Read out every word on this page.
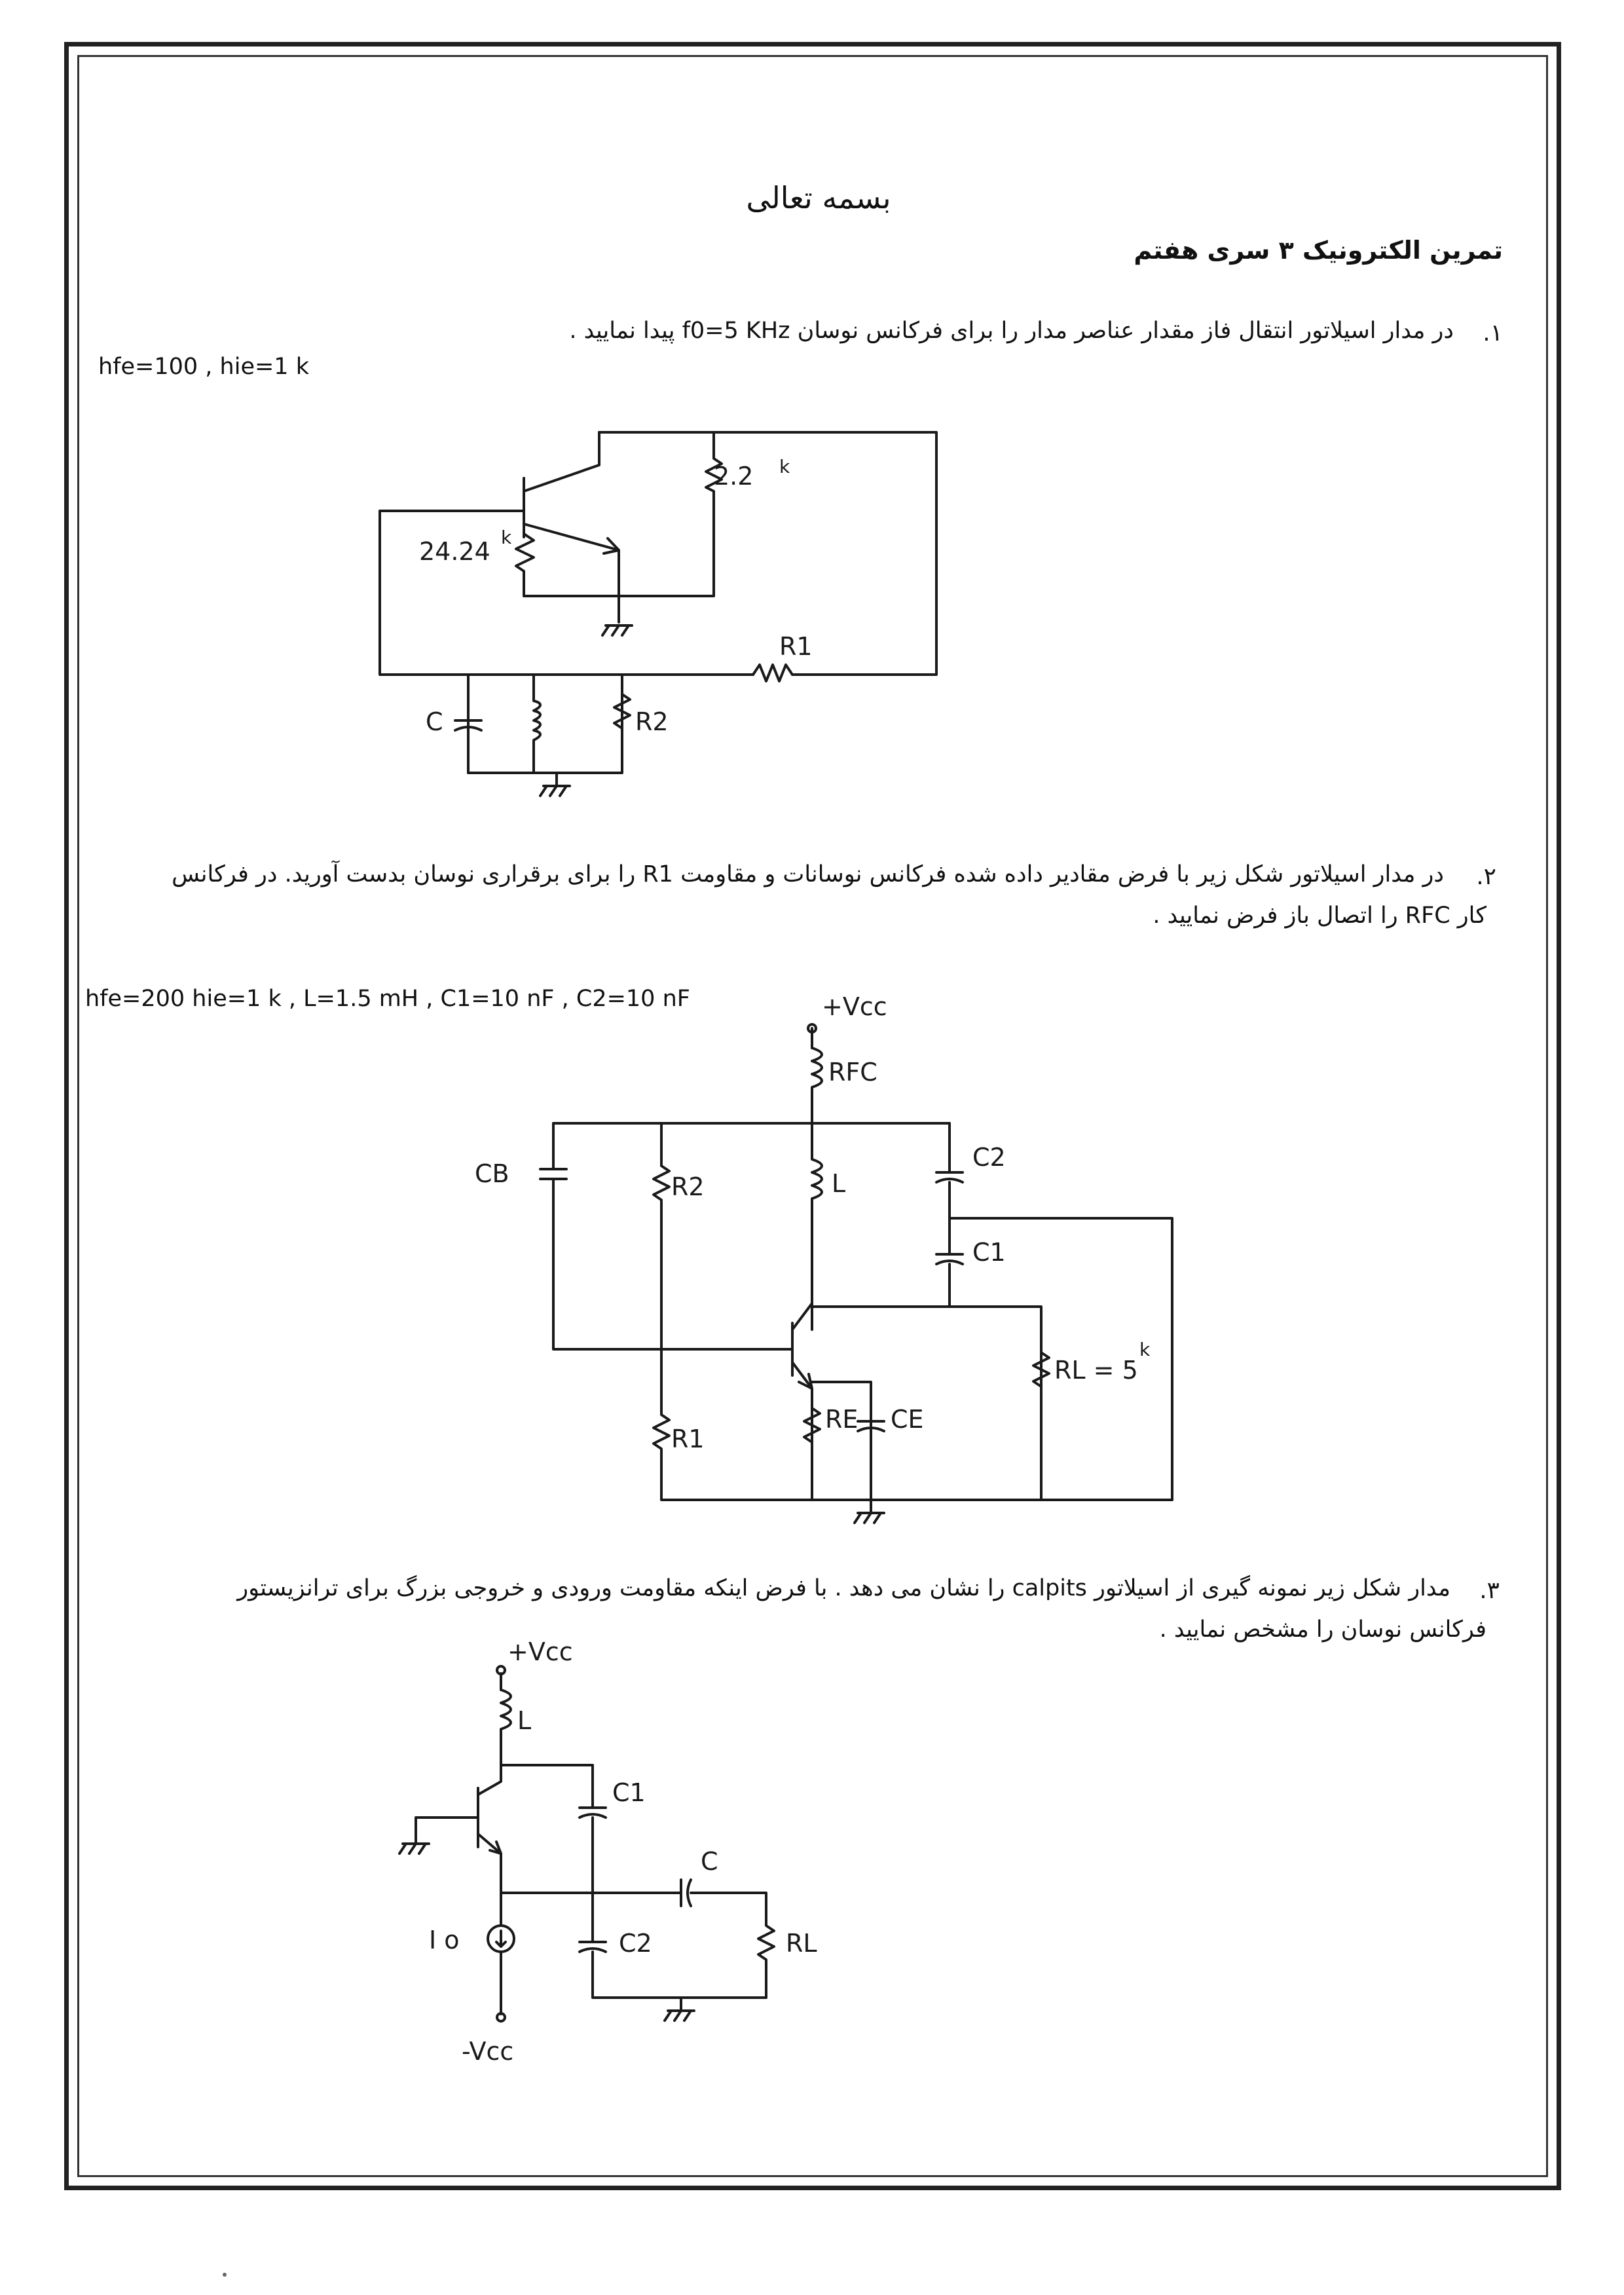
بسمه تعالی
تمرین الکترونیک ۳ سری هفتم
.۱
در مدار اسیلاتور انتقال فاز مقدار عناصر مدار را برای فرکانس نوسان f0=5 KHz پیدا نمایید .
hfe=100 , hie=1 k
2.2 k
24.24 k
R1
C	R2
.۲
در مدار اسیلاتور شکل زیر با فرض مقادیر داده شده فرکانس نوسانات و مقاومت R1 را برای برقراری نوسان بدست آورید. در فرکانس
کار RFC را اتصال باز فرض نمایید .
hfe=200 hie=1 k , L=1.5 mH , C1=10 nF , C2=10 nF	+Vcc
RFC
CB	R2	L
C2
C1
RL = 5
k
R1
RE CE
.۳
مدار شکل زیر نمونه گیری از اسیلاتور calpits را نشان می دهد . با فرض اینکه مقاومت ورودی و خروجی بزرگ برای ترانزیستور
فرکانس نوسان را مشخص نمایید .
+Vcc
L
C1
C
C2	RL
I o
-Vcc
